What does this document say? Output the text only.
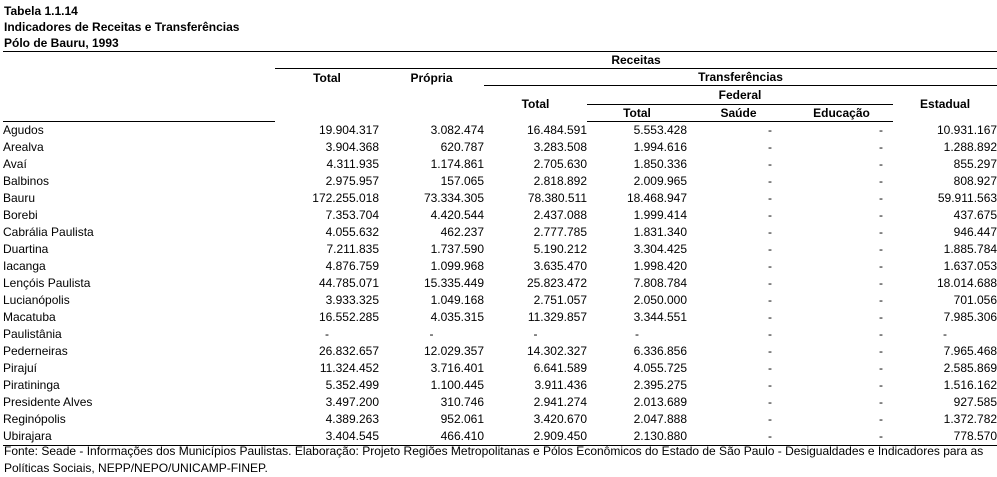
Tabela 1.1.14
Indicadores de Receitas e Transferências
Pólo de Bauru, 1993
	Receitas						
	Total	Própria	Transferências				
			Total	Federal			Estadual
				Total	Saúde	Educação	
Agudos	19.904.317	3.082.474	16.484.591	5.553.428	-	-	10.931.167
Arealva	3.904.368	620.787	3.283.508	1.994.616	-	-	1.288.892
Avaí	4.311.935	1.174.861	2.705.630	1.850.336	-	-	855.297
Balbinos	2.975.957	157.065	2.818.892	2.009.965	-	-	808.927
Bauru	172.255.018	73.334.305	78.380.511	18.468.947	-	-	59.911.563
Borebi	7.353.704	4.420.544	2.437.088	1.999.414	-	-	437.675
Cabrália Paulista	4.055.632	462.237	2.777.785	1.831.340	-	-	946.447
Duartina	7.211.835	1.737.590	5.190.212	3.304.425	-	-	1.885.784
Iacanga	4.876.759	1.099.968	3.635.470	1.998.420	-	-	1.637.053
Lençóis Paulista	44.785.071	15.335.449	25.823.472	7.808.784	-	-	18.014.688
Lucianópolis	3.933.325	1.049.168	2.751.057	2.050.000	-	-	701.056
Macatuba	16.552.285	4.035.315	11.329.857	3.344.551	-	-	7.985.306
Paulistânia	-	-	-	-	-	-	-
Pederneiras	26.832.657	12.029.357	14.302.327	6.336.856	-	-	7.965.468
Pirajuí	11.324.452	3.716.401	6.641.589	4.055.725	-	-	2.585.869
Piratininga	5.352.499	1.100.445	3.911.436	2.395.275	-	-	1.516.162
Presidente Alves	3.497.200	310.746	2.941.274	2.013.689	-	-	927.585
Reginópolis	4.389.263	952.061	3.420.670	2.047.888	-	-	1.372.782
Ubirajara	3.404.545	466.410	2.909.450	2.130.880	-	-	778.570
Fonte: Seade - Informações dos Municípios Paulistas. Elaboração: Projeto Regiões Metropolitanas e Pólos Econômicos do Estado de São Paulo - Desigualdades e Indicadores para as Políticas Sociais, NEPP/NEPO/UNICAMP-FINEP.
